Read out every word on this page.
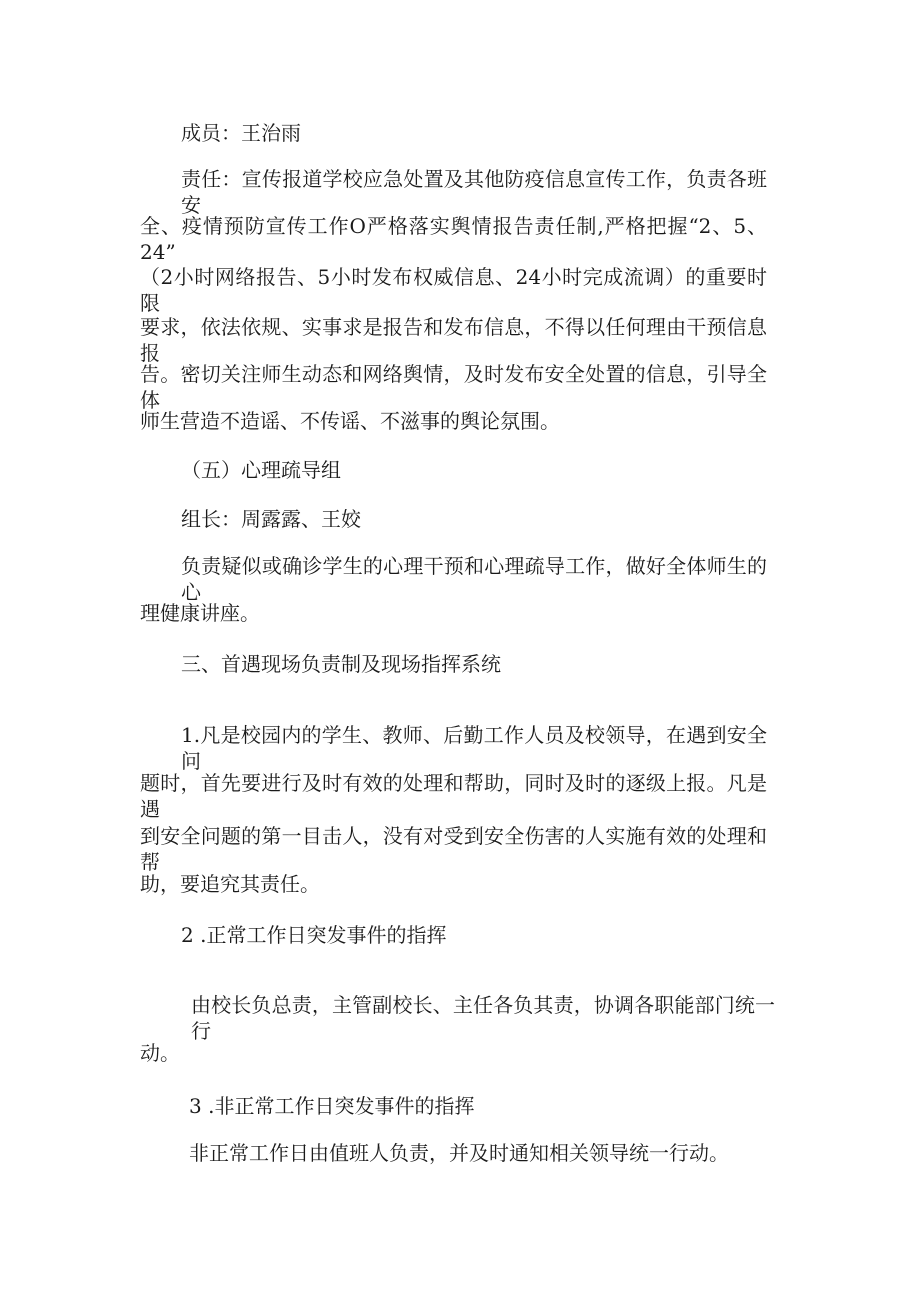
成员：王治雨

责任：宣传报道学校应急处置及其他防疫信息宣传工作，负责各班安

全、疫情预防宣传工作O严格落实舆情报告责任制,严格把握“2、5、24”

（2小时网络报告、5小时发布权威信息、24小时完成流调）的重要时限

要求，依法依规、实事求是报告和发布信息，不得以任何理由干预信息报

告。密切关注师生动态和网络舆情，及时发布安全处置的信息，引导全体

师生营造不造谣、不传谣、不滋事的舆论氛围。

（五）心理疏导组

组长：周露露、王姣

负责疑似或确诊学生的心理干预和心理疏导工作，做好全体师生的心

理健康讲座。

三、首遇现场负责制及现场指挥系统

1.凡是校园内的学生、教师、后勤工作人员及校领导，在遇到安全问

题时，首先要进行及时有效的处理和帮助，同时及时的逐级上报。凡是遇

到安全问题的第一目击人，没有对受到安全伤害的人实施有效的处理和帮

助，要追究其责任。

2 .正常工作日突发事件的指挥

由校长负总责，主管副校长、主任各负其责，协调各职能部门统一行

动。

3 .非正常工作日突发事件的指挥

非正常工作日由值班人负责，并及时通知相关领导统一行动。
